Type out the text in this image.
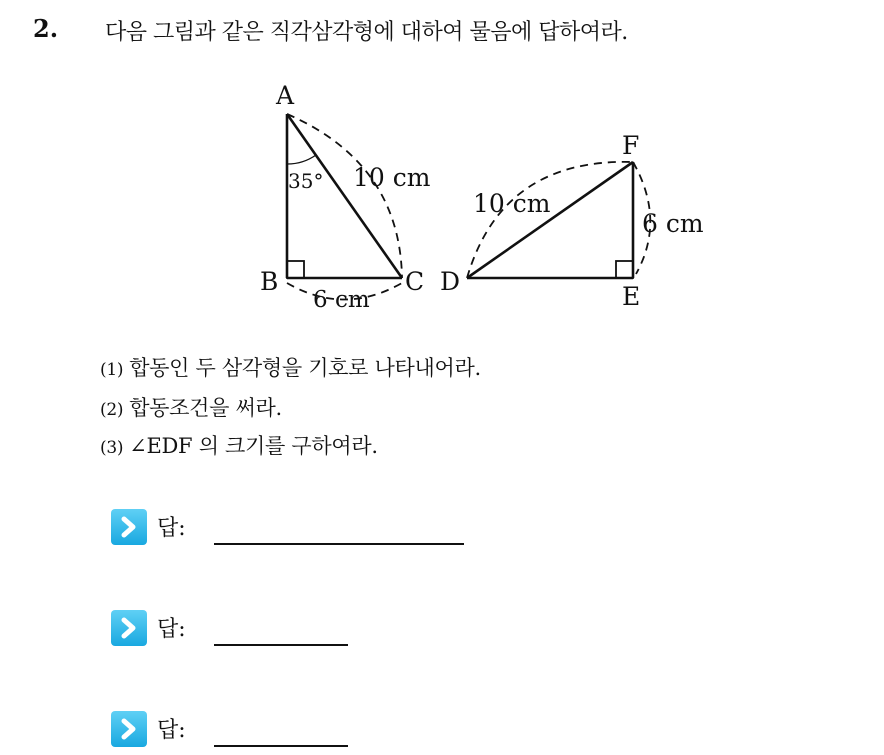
2. 다음 그림과 같은 직각삼각형에 대하여 물음에 답하여라.
A
B	C
35° 10 cm
6 cm
F
D
E
10 cm
6 cm
(1) 합동인 두 삼각형을 기호로 나타내어라.
(2) 합동조건을 써라.
(3) ∠EDF 의 크기를 구하여라.
답:
답:
답:
